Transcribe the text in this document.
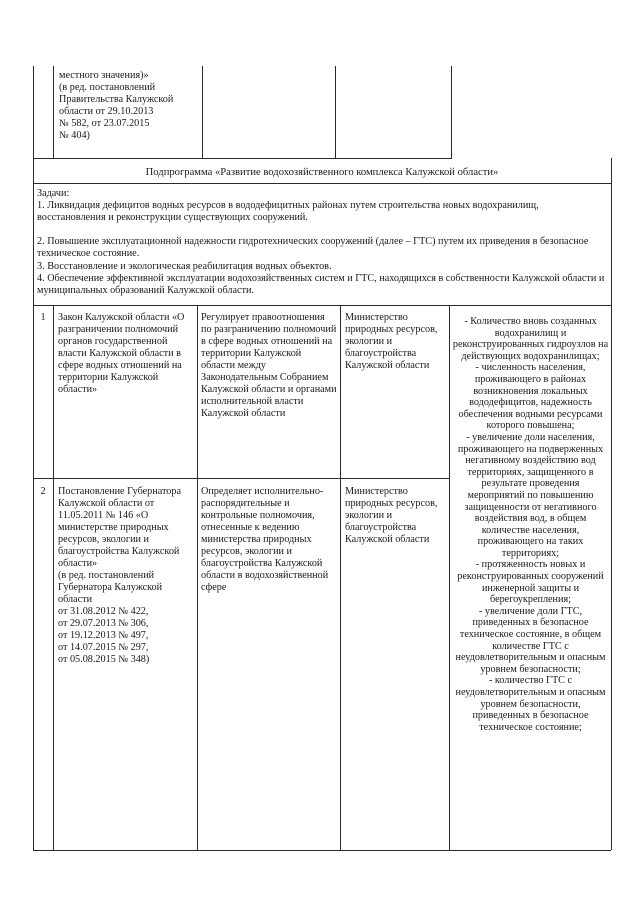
местного значения)»
(в ред. постановлений
Правительства Калужской
области от 29.10.2013
№ 582, от 23.07.2015
№ 404)
Подпрограмма «Развитие водохозяйственного комплекса Калужской области»
Задачи:
1. Ликвидация дефицитов водных ресурсов в вододефицитных районах путем строительства новых водохранилищ, восстановления и реконструкции существующих сооружений.
2. Повышение эксплуатационной надежности гидротехнических сооружений (далее – ГТС) путем их приведения в безопасное техническое состояние.
3. Восстановление и экологическая реабилитация водных объектов.
4. Обеспечение эффективной эксплуатации водохозяйственных систем и ГТС, находящихся в собственности Калужской области и муниципальных образований Калужской области.
1	Закон Калужской области «О разграничении полномочий органов государственной власти Калужской области в сфере водных отношений на территории Калужской области»
Регулирует правоотношения по разграничению полномочий в сфере водных отношений на территории Калужской области между Законодательным Собранием Калужской области и органами исполнительной власти Калужской области
Министерство природных ресурсов, экологии и благоустройства Калужской области
2	Постановление Губернатора Калужской области от 11.05.2011 № 146 «О министерстве природных ресурсов, экологии и благоустройства Калужской области»
(в ред. постановлений Губернатора Калужской области
от 31.08.2012 № 422,
от 29.07.2013 № 306,
от 19.12.2013 № 497,
от 14.07.2015 № 297,
от 05.08.2015 № 348)
Определяет исполнительно-распорядительные и контрольные полномочия, отнесенные к ведению министерства природных ресурсов, экологии и благоустройства Калужской области в водохозяйственной сфере
Министерство природных ресурсов, экологии и благоустройства Калужской области
- Количество вновь созданных водохранилищ и реконструированных гидроузлов на действующих водохранилищах;
- численность населения, проживающего в районах возникновения локальных вододефицитов, надежность обеспечения водными ресурсами которого повышена;
- увеличение доли населения, проживающего на подверженных негативному воздействию вод территориях, защищенного в результате проведения мероприятий по повышению защищенности от негативного воздействия вод, в общем количестве населения, проживающего на таких территориях;
- протяженность новых и реконструированных сооружений инженерной защиты и берегоукрепления;
- увеличение доли ГТС, приведенных в безопасное техническое состояние, в общем количестве ГТС с неудовлетворительным и опасным уровнем безопасности;
- количество ГТС с неудовлетворительным и опасным уровнем безопасности, приведенных в безопасное техническое состояние;
